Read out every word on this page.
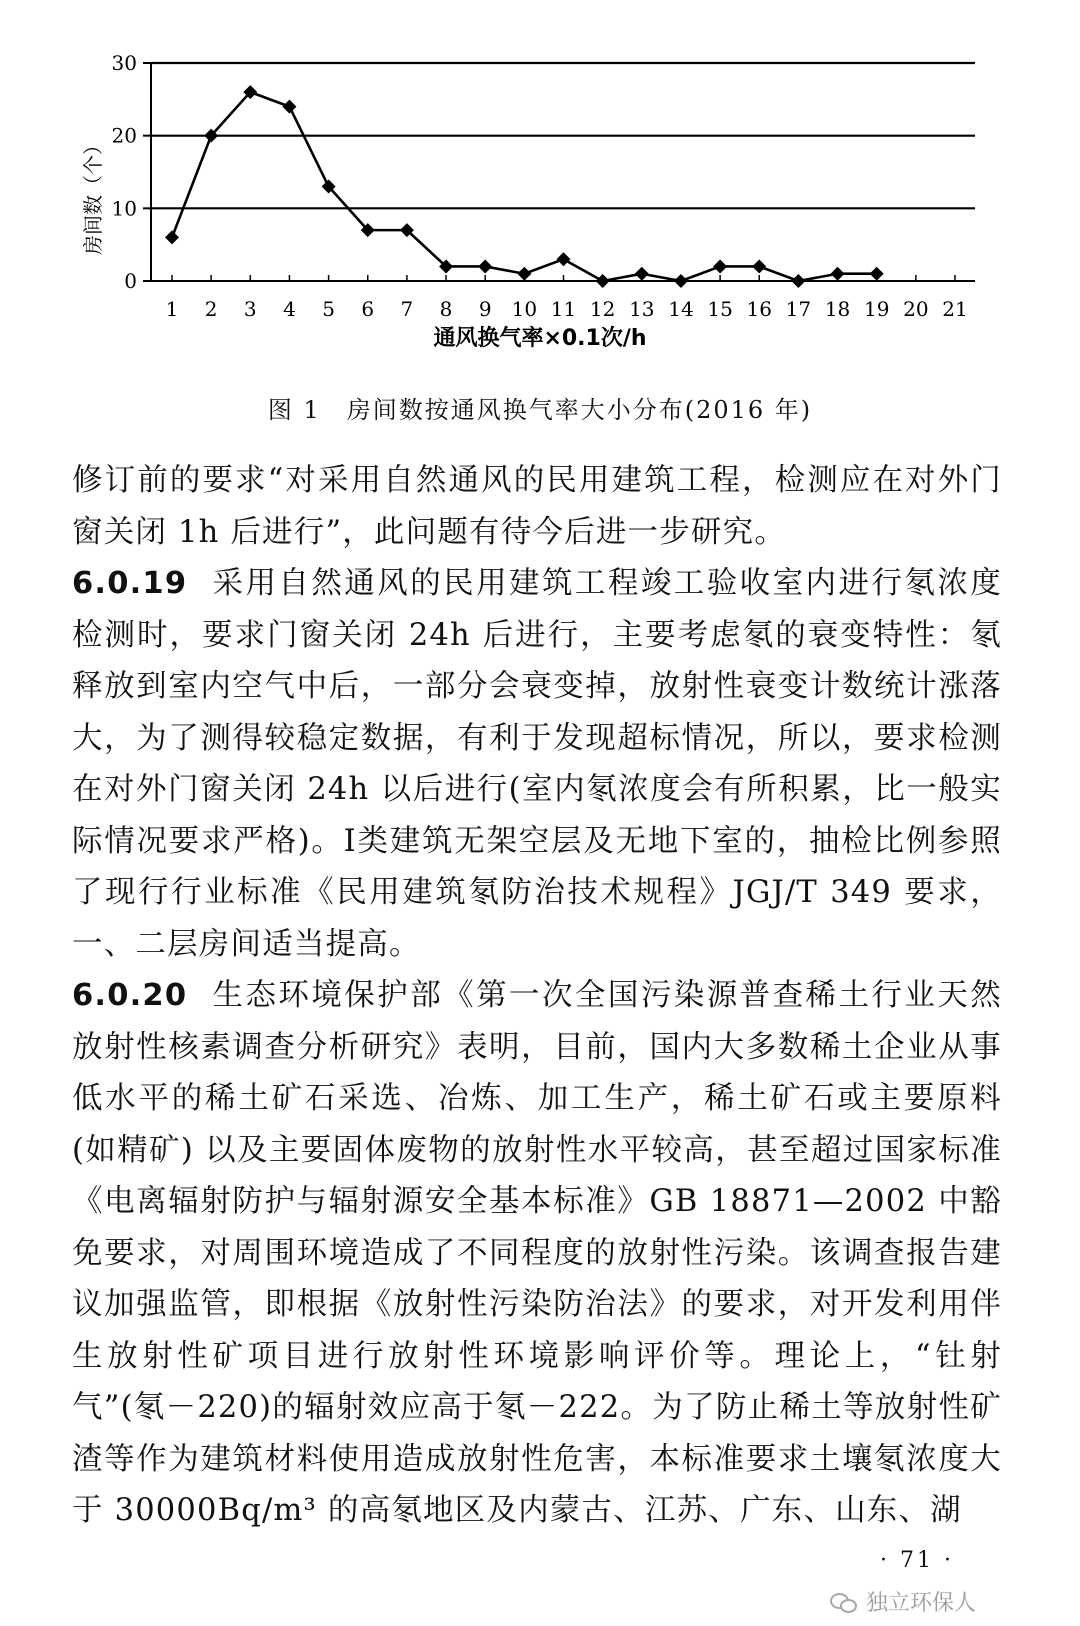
0
10
20
30
1 2 3 4 5 6 7 8 9 10 11 12 13 14 15 16 17 18 19 20 21
通风换气率×0.1次/h
房间数（个）
图 1　房间数按通风换气率大小分布(2016 年)

修订前的要求“对采用自然通风的民用建筑工程，检测应在对外门窗关闭 1h 后进行”，此问题有待今后进一步研究。

6.0.19 采用自然通风的民用建筑工程竣工验收室内进行氡浓度检测时，要求门窗关闭 24h 后进行，主要考虑氡的衰变特性：氡释放到室内空气中后，一部分会衰变掉，放射性衰变计数统计涨落大，为了测得较稳定数据，有利于发现超标情况，所以，要求检测在对外门窗关闭 24h 以后进行(室内氡浓度会有所积累，比一般实际情况要求严格)。Ⅰ类建筑无架空层及无地下室的，抽检比例参照了现行行业标准《民用建筑氡防治技术规程》JGJ/T 349 要求，一、二层房间适当提高。

6.0.20 生态环境保护部《第一次全国污染源普查稀土行业天然放射性核素调查分析研究》表明，目前，国内大多数稀土企业从事低水平的稀土矿石采选、冶炼、加工生产，稀土矿石或主要原料(如精矿) 以及主要固体废物的放射性水平较高，甚至超过国家标准《电离辐射防护与辐射源安全基本标准》GB 18871—2002 中豁免要求，对周围环境造成了不同程度的放射性污染。该调查报告建议加强监管，即根据《放射性污染防治法》的要求，对开发利用伴生放射性矿项目进行放射性环境影响评价等。理论上，“钍射气”(氡－220)的辐射效应高于氡－222。为了防止稀土等放射性矿渣等作为建筑材料使用造成放射性危害，本标准要求土壤氡浓度大于 30000Bq/m³ 的高氡地区及内蒙古、江苏、广东、山东、湖

· 71 ·
独立环保人
